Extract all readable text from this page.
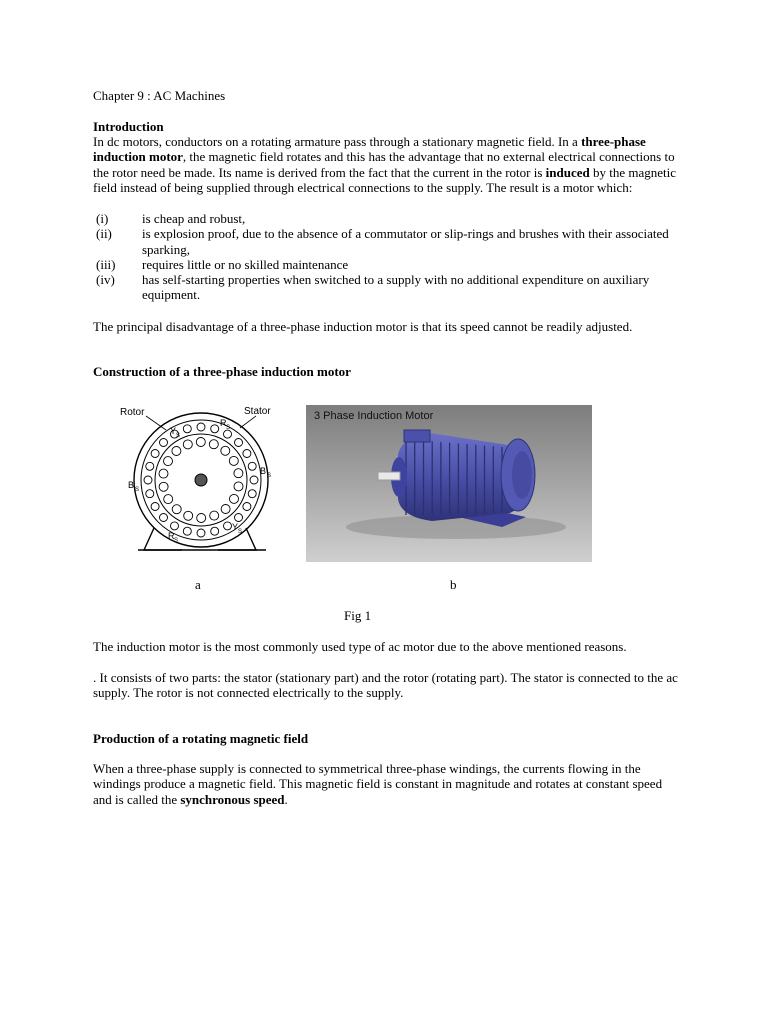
Chapter 9 : AC Machines
Introduction

In dc motors, conductors on a rotating armature pass through a stationary magnetic field. In a three-phase induction motor, the magnetic field rotates and this has the advantage that no external electrical connections to the rotor need be made. Its name is derived from the fact that the current in the rotor is induced by the magnetic field instead of being supplied through electrical connections to the supply. The result is a motor which:

(i)	is cheap and robust,
(ii)	is explosion proof, due to the absence of a commutator or slip-rings and brushes with their associated sparking,
(iii)	requires little or no skilled maintenance
(iv)	has self-starting properties when switched to a supply with no additional expenditure on auxiliary equipment.

The principal disadvantage of a three-phase induction motor is that its speed cannot be readily adjusted.

Construction of a three-phase induction motor
Rotor	Stator
R S
Y S
B S
B S
Y S
R S
3 Phase Induction Motor
a	b
Fig 1

The induction motor is the most commonly used type of ac motor due to the above mentioned reasons.

. It consists of two parts: the stator (stationary part) and the rotor (rotating part). The stator is connected to the ac supply. The rotor is not connected electrically to the supply.

Production of a rotating magnetic field

When a three-phase supply is connected to symmetrical three-phase windings, the currents flowing in the windings produce a magnetic field. This magnetic field is constant in magnitude and rotates at constant speed and is called the synchronous speed.
